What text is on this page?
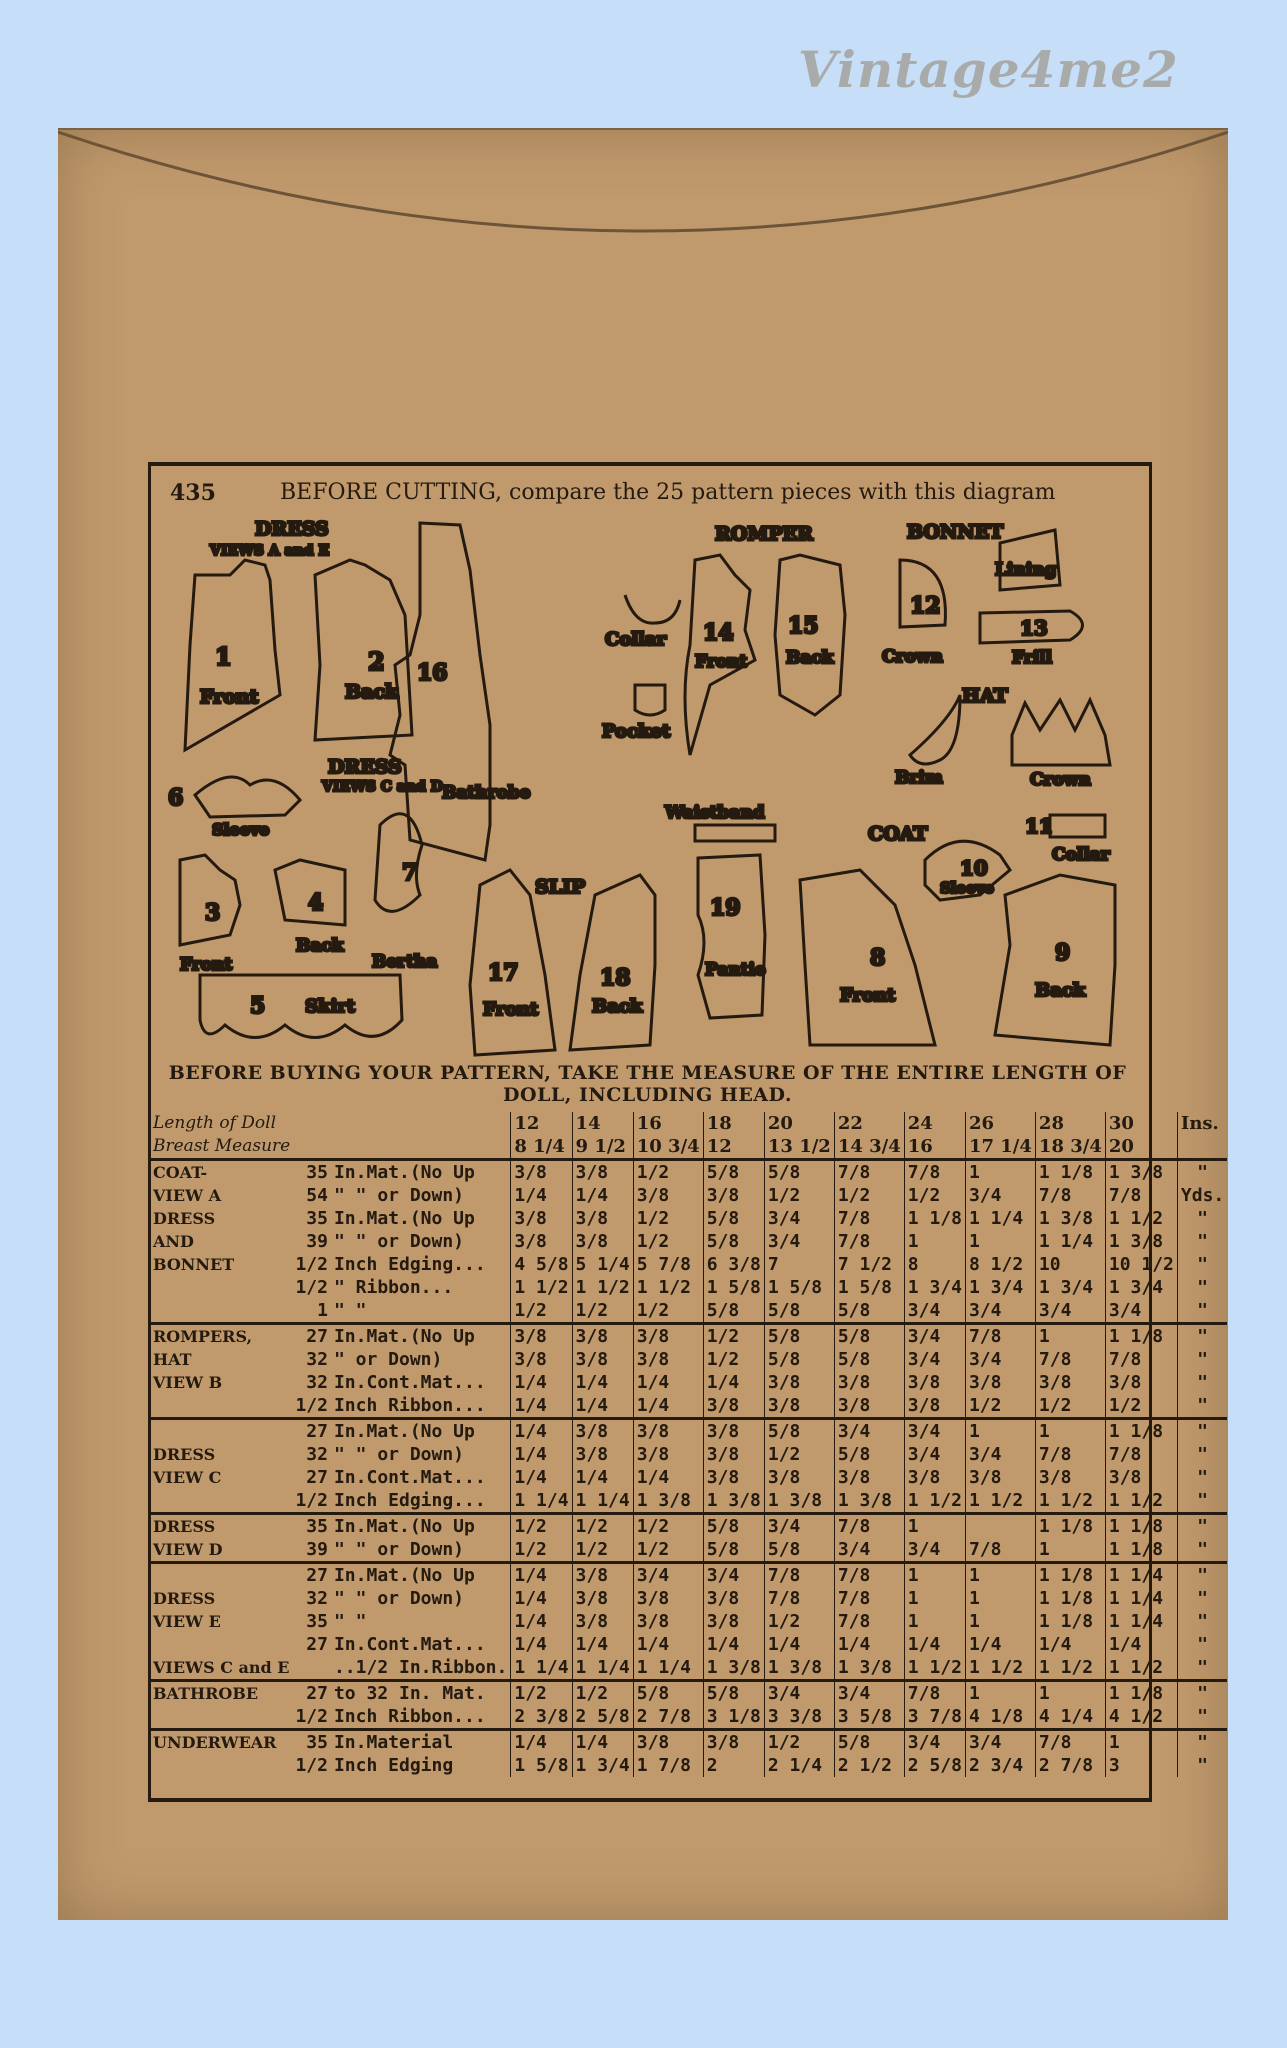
Vintage4me2
435	BEFORE CUTTING, compare the 25 pattern pieces with this diagram
DRESS
VIEWS A and E
1
Front
2
Back
16
Bathrobe
DRESS
VIEWS C and D
6
Sleeve
3
Front
4
Back
7
Bertha
5 Skirt
Collar
Pocket
ROMPER
14
Front
15
Back
Waistband
19
Pantie
SLIP
17
Front
18
Back
BONNET
Lining
12
Crown
13
Frill
HAT
Brim	Crown
COAT
10
Sleeve
11
Collar
8
Front
9
Back
BEFORE BUYING YOUR PATTERN, TAKE THE MEASURE OF THE ENTIRE LENGTH OF DOLL, INCLUDING HEAD.
Length of Doll			12	14	16	18	20	22	24	26	28	30	Ins.
Breast Measure			8 1/4	9 1/2	10 3/4	12	13 1/2	14 3/4	16	17 1/4	18 3/4	20	
COAT-	35	In.Mat.(No Up	3/8	3/8	1/2	5/8	5/8	7/8	7/8	1	1 1/8	1 3/8	"
VIEW A	54	" " or Down)	1/4	1/4	3/8	3/8	1/2	1/2	1/2	3/4	7/8	7/8	Yds.
DRESS	35	In.Mat.(No Up	3/8	3/8	1/2	5/8	3/4	7/8	1 1/8	1 1/4	1 3/8	1 1/2	"
AND	39	" " or Down)	3/8	3/8	1/2	5/8	3/4	7/8	1	1	1 1/4	1 3/8	"
BONNET	1/2	Inch Edging...	4 5/8	5 1/4	5 7/8	6 3/8	7	7 1/2	8	8 1/2	10	10 1/2	"
	1/2	" Ribbon...	1 1/2	1 1/2	1 1/2	1 5/8	1 5/8	1 5/8	1 3/4	1 3/4	1 3/4	1 3/4	"
	1	" "	1/2	1/2	1/2	5/8	5/8	5/8	3/4	3/4	3/4	3/4	"
ROMPERS,	27	In.Mat.(No Up	3/8	3/8	3/8	1/2	5/8	5/8	3/4	7/8	1	1 1/8	"
HAT	32	" or Down)	3/8	3/8	3/8	1/2	5/8	5/8	3/4	3/4	7/8	7/8	"
VIEW B	32	In.Cont.Mat...	1/4	1/4	1/4	1/4	3/8	3/8	3/8	3/8	3/8	3/8	"
	1/2	Inch Ribbon...	1/4	1/4	1/4	3/8	3/8	3/8	3/8	1/2	1/2	1/2	"
	27	In.Mat.(No Up	1/4	3/8	3/8	3/8	5/8	3/4	3/4	1	1	1 1/8	"
DRESS	32	" " or Down)	1/4	3/8	3/8	3/8	1/2	5/8	3/4	3/4	7/8	7/8	"
VIEW C	27	In.Cont.Mat...	1/4	1/4	1/4	3/8	3/8	3/8	3/8	3/8	3/8	3/8	"
	1/2	Inch Edging...	1 1/4	1 1/4	1 3/8	1 3/8	1 3/8	1 3/8	1 1/2	1 1/2	1 1/2	1 1/2	"
DRESS	35	In.Mat.(No Up	1/2	1/2	1/2	5/8	3/4	7/8	1		1 1/8	1 1/8	"
VIEW D	39	" " or Down)	1/2	1/2	1/2	5/8	5/8	3/4	3/4	7/8	1	1 1/8	"
	27	In.Mat.(No Up	1/4	3/8	3/4	3/4	7/8	7/8	1	1	1 1/8	1 1/4	"
DRESS	32	" " or Down)	1/4	3/8	3/8	3/8	7/8	7/8	1	1	1 1/8	1 1/4	"
VIEW E	35	" "	1/4	3/8	3/8	3/8	1/2	7/8	1	1	1 1/8	1 1/4	"
	27	In.Cont.Mat...	1/4	1/4	1/4	1/4	1/4	1/4	1/4	1/4	1/4	1/4	"
VIEWS C and E		..1/2 In.Ribbon.	1 1/4	1 1/4	1 1/4	1 3/8	1 3/8	1 3/8	1 1/2	1 1/2	1 1/2	1 1/2	"
BATHROBE	27	to 32 In. Mat.	1/2	1/2	5/8	5/8	3/4	3/4	7/8	1	1	1 1/8	"
	1/2	Inch Ribbon...	2 3/8	2 5/8	2 7/8	3 1/8	3 3/8	3 5/8	3 7/8	4 1/8	4 1/4	4 1/2	"
UNDERWEAR	35	In.Material	1/4	1/4	3/8	3/8	1/2	5/8	3/4	3/4	7/8	1	"
	1/2	Inch Edging	1 5/8	1 3/4	1 7/8	2	2 1/4	2 1/2	2 5/8	2 3/4	2 7/8	3	"
